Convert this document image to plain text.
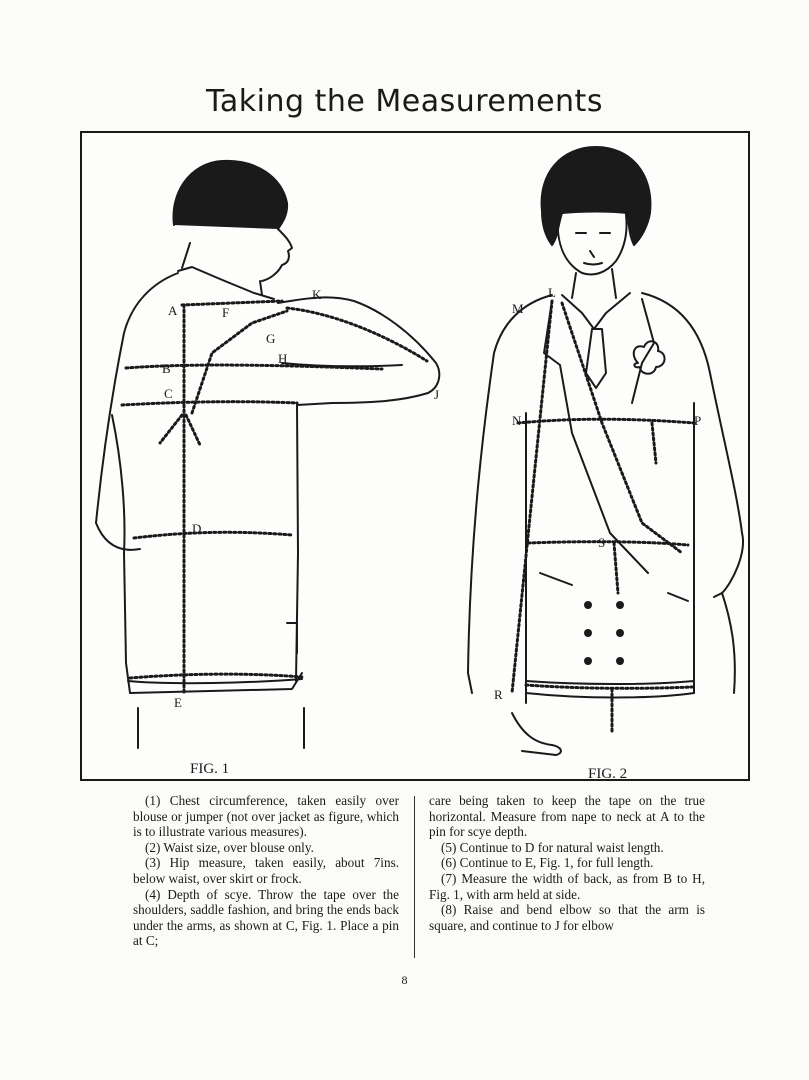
Taking the Measurements
A	F
K
G
H
B
C	J
D
E
M
L
N	P
S
R
FIG. 1	FIG. 2

(1) Chest circumference, taken easily over blouse or jumper (not over jacket as figure, which is to illustrate various measures).

(2) Waist size, over blouse only.

(3) Hip measure, taken easily, about 7ins. below waist, over skirt or frock.

(4) Depth of scye. Throw the tape over the shoulders, saddle fashion, and bring the ends back under the arms, as shown at C, Fig. 1. Place a pin at C;

care being taken to keep the tape on the true horizontal. Measure from nape to neck at A to the pin for scye depth.

(5) Continue to D for natural waist length.

(6) Continue to E, Fig. 1, for full length.

(7) Measure the width of back, as from B to H, Fig. 1, with arm held at side.

(8) Raise and bend elbow so that the arm is square, and continue to J for elbow

8
